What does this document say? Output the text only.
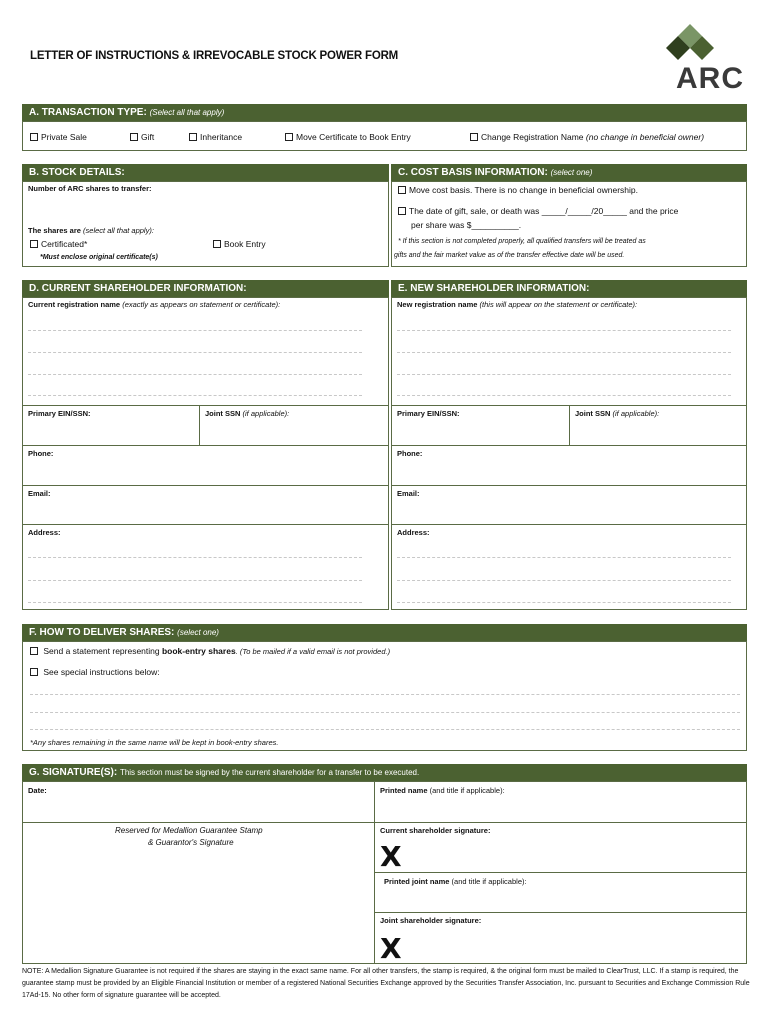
LETTER OF INSTRUCTIONS & IRREVOCABLE STOCK POWER FORM
ARC
A. TRANSACTION TYPE: (Select all that apply)
Private Sale	Gift	Inheritance	Move Certificate to Book Entry	Change Registration Name (no change in beneficial owner)
B. STOCK DETAILS:
Number of ARC shares to transfer:
The shares are (select all that apply):
Certificated*	Book Entry
*Must enclose original certificate(s)
C. COST BASIS INFORMATION: (select one)
Move cost basis. There is no change in beneficial ownership.
The date of gift, sale, or death was _____/_____/20_____ and the price
per share was $__________.
* If this section is not completed properly, all qualified transfers will be treated as
gifts and the fair market value as of the transfer effective date will be used.
D. CURRENT SHAREHOLDER INFORMATION:
Current registration name (exactly as appears on statement or certificate):
Primary EIN/SSN:	Joint SSN (if applicable):
Phone:
Email:
Address:
E. NEW SHAREHOLDER INFORMATION:
New registration name (this will appear on the statement or certificate):
Primary EIN/SSN:	Joint SSN (if applicable):
Phone:
Email:
Address:
F. HOW TO DELIVER SHARES: (select one)
Send a statement representing book-entry shares. (To be mailed if a valid email is not provided.)
See special instructions below:
*Any shares remaining in the same name will be kept in book-entry shares.
G. SIGNATURE(S): This section must be signed by the current shareholder for a transfer to be executed.
Date:	Printed name (and title if applicable):
Reserved for Medallion Guarantee Stamp
& Guarantor's Signature
Current shareholder signature:
X
Printed joint name (and title if applicable):
Joint shareholder signature:
X
NOTE: A Medallion Signature Guarantee is not required if the shares are staying in the exact same name. For all other transfers, the stamp is required, & the original form must be mailed to ClearTrust, LLC. If a stamp is required, the guarantee stamp must be provided by an Eligible Financial Institution or member of a registered National Securities Exchange approved by the Securities Transfer Association, Inc. pursuant to Securities and Exchange Commission Rule 17Ad-15. No other form of signature guarantee will be accepted.
